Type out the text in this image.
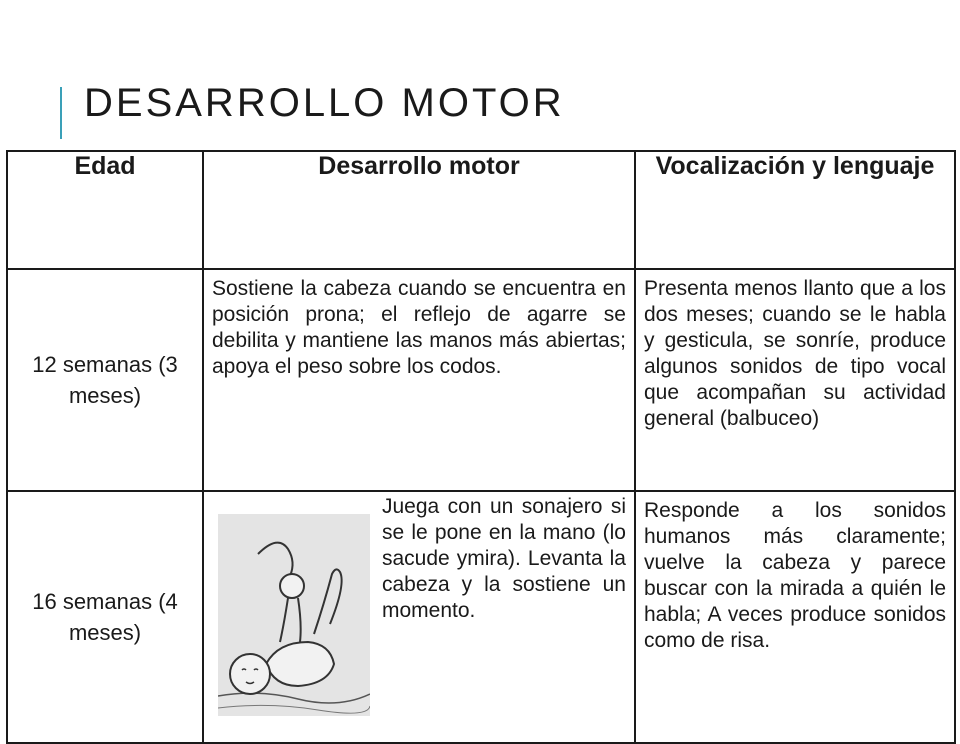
DESARROLLO MOTOR
Edad	Desarrollo motor	Vocalización y lenguaje

12 semanas (3 meses)	Sostiene la cabeza cuando se encuentra en posición prona; el reflejo de agarre se debilita y mantiene las manos más abiertas; apoya el peso sobre los codos.	Presenta menos llanto que a los dos meses; cuando se le habla y gesticula, se sonríe, produce algunos sonidos de tipo vocal que acompañan su actividad general (balbuceo)

16 semanas (4 meses)	Juega con un sonajero si se le pone en la mano (lo sacude ymira). Levanta la cabeza y la sostiene un momento.	Responde a los sonidos humanos más claramente; vuelve la cabeza y parece buscar con la mirada a quién le habla; A veces produce sonidos como de risa.
